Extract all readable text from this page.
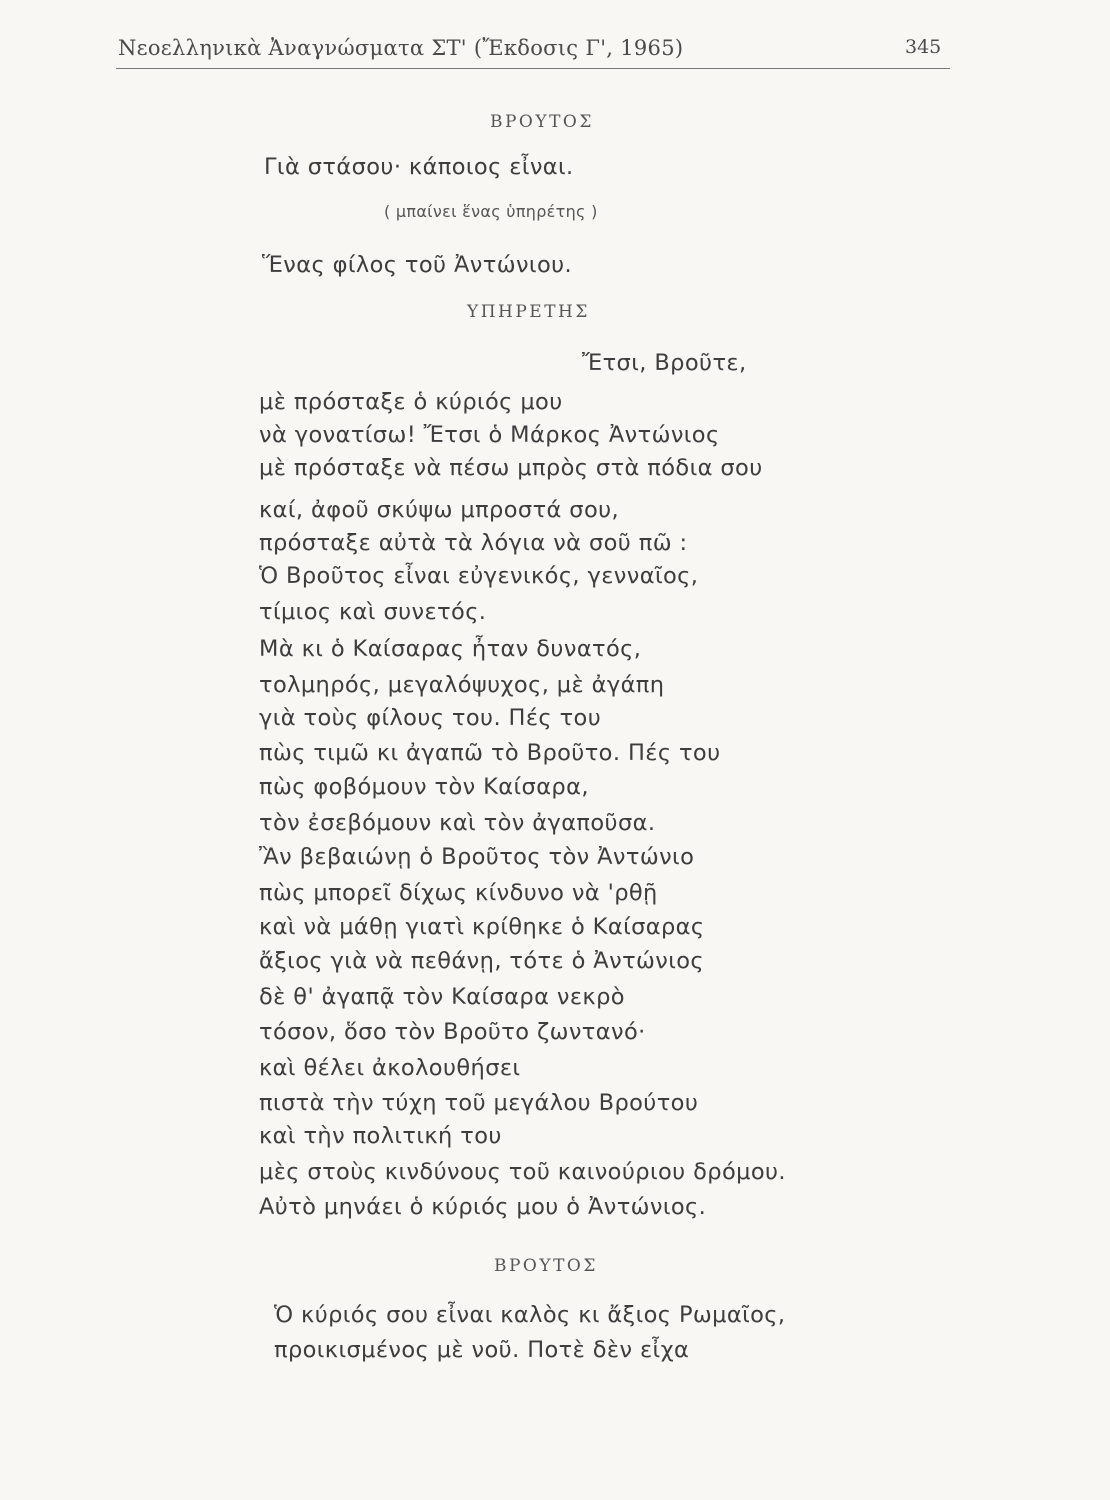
Νεοελληνικὰ Ἀναγνώσματα ΣΤ' (Ἔκδοσις Γ', 1965)	345
ΒΡΟΥΤΟΣ
Γιὰ στάσου· κάποιος εἶναι.
( μπαίνει ἕνας ὑπηρέτης )
Ἕνας φίλος τοῦ Ἀντώνιου.
ΥΠΗΡΕΤΗΣ
Ἔτσι, Βροῦτε,
μὲ πρόσταξε ὁ κύριός μου
νὰ γονατίσω! Ἔτσι ὁ Μάρκος Ἀντώνιος
μὲ πρόσταξε νὰ πέσω μπρὸς στὰ πόδια σου
καί, ἀφοῦ σκύψω μπροστά σου,
πρόσταξε αὐτὰ τὰ λόγια νὰ σοῦ πῶ :
Ὁ Βροῦτος εἶναι εὐγενικός, γενναῖος,
τίμιος καὶ συνετός.
Μὰ κι ὁ Καίσαρας ἦταν δυνατός,
τολμηρός, μεγαλόψυχος, μὲ ἀγάπη
γιὰ τοὺς φίλους του. Πές του
πὼς τιμῶ κι ἀγαπῶ τὸ Βροῦτο. Πές του
πὼς φοβόμουν τὸν Καίσαρα,
τὸν ἐσεβόμουν καὶ τὸν ἀγαποῦσα.
Ἂν βεβαιώνῃ ὁ Βροῦτος τὸν Ἀντώνιο
πὼς μπορεῖ δίχως κίνδυνο νὰ 'ρθῇ
καὶ νὰ μάθῃ γιατὶ κρίθηκε ὁ Καίσαρας
ἄξιος γιὰ νὰ πεθάνῃ, τότε ὁ Ἀντώνιος
δὲ θ' ἀγαπᾷ τὸν Καίσαρα νεκρὸ
τόσον, ὅσο τὸν Βροῦτο ζωντανό·
καὶ θέλει ἀκολουθήσει
πιστὰ τὴν τύχη τοῦ μεγάλου Βρούτου
καὶ τὴν πολιτική του
μὲς στοὺς κινδύνους τοῦ καινούριου δρόμου.
Αὐτὸ μηνάει ὁ κύριός μου ὁ Ἀντώνιος.
ΒΡΟΥΤΟΣ
Ὁ κύριός σου εἶναι καλὸς κι ἄξιος Ρωμαῖος,
προικισμένος μὲ νοῦ. Ποτὲ δὲν εἶχα
